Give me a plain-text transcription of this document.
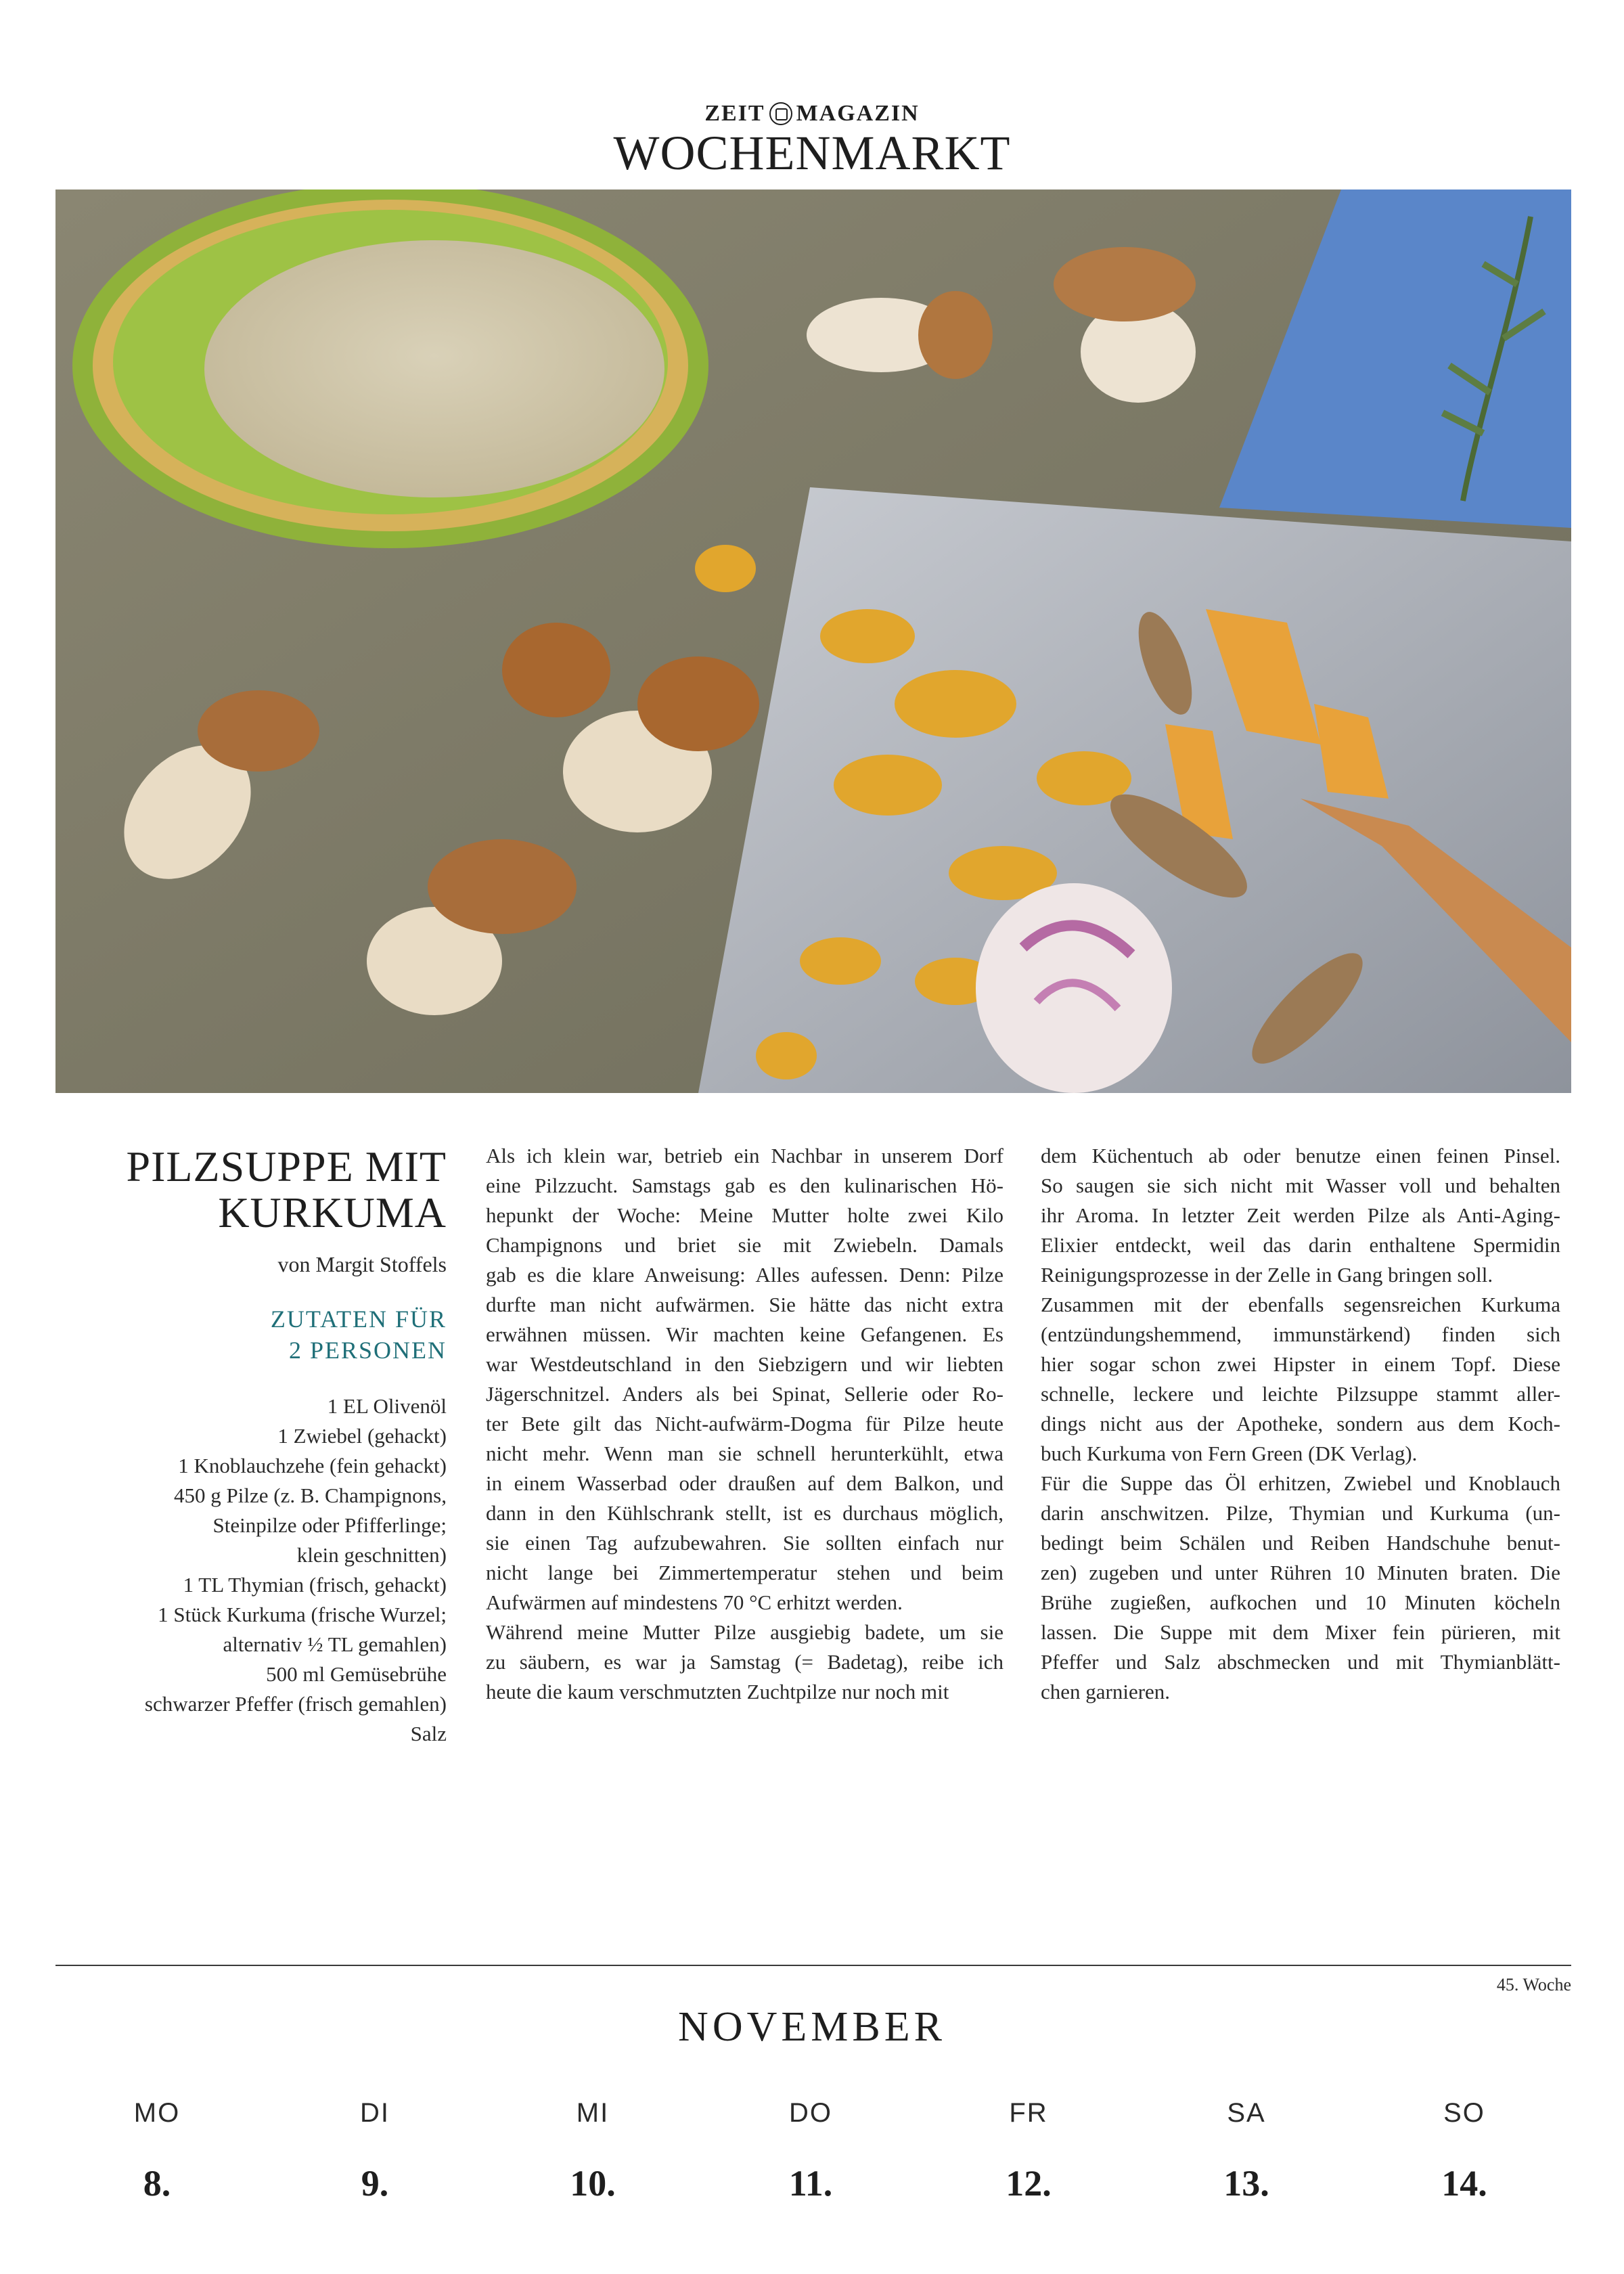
ZEIT MAGAZIN
WOCHENMARKT
PILZSUPPE MIT
KURKUMA
von Margit Stoffels
ZUTATEN FÜR
2 PERSONEN
1 EL Olivenöl
1 Zwiebel (gehackt)
1 Knoblauchzehe (fein gehackt)
450 g Pilze (z. B. Champignons,
Steinpilze oder Pfifferlinge;
klein geschnitten)
1 TL Thymian (frisch, gehackt)
1 Stück Kurkuma (frische Wurzel;
alternativ ½ TL gemahlen)
500 ml Gemüsebrühe
schwarzer Pfeffer (frisch gemahlen)
Salz
Als ich klein war, betrieb ein Nachbar in unserem Dorf
eine Pilzzucht. Samstags gab es den kulinarischen Hö-
hepunkt der Woche: Meine Mutter holte zwei Kilo
Champignons und briet sie mit Zwiebeln. Damals
gab es die klare Anweisung: Alles aufessen. Denn: Pilze
durfte man nicht aufwärmen. Sie hätte das nicht extra
erwähnen müssen. Wir machten keine Gefangenen. Es
war Westdeutschland in den Siebzigern und wir liebten
Jägerschnitzel. Anders als bei Spinat, Sellerie oder Ro-
ter Bete gilt das Nicht-aufwärm-Dogma für Pilze heute
nicht mehr. Wenn man sie schnell herunterkühlt, etwa
in einem Wasserbad oder draußen auf dem Balkon, und
dann in den Kühlschrank stellt, ist es durchaus möglich,
sie einen Tag aufzubewahren. Sie sollten einfach nur
nicht lange bei Zimmertemperatur stehen und beim
Aufwärmen auf mindestens 70 °C erhitzt werden.
Während meine Mutter Pilze ausgiebig badete, um sie
zu säubern, es war ja Samstag (= Badetag), reibe ich
heute die kaum verschmutzten Zuchtpilze nur noch mit
dem Küchentuch ab oder benutze einen feinen Pinsel.
So saugen sie sich nicht mit Wasser voll und behalten
ihr Aroma. In letzter Zeit werden Pilze als Anti-Aging-
Elixier entdeckt, weil das darin enthaltene Spermidin
Reinigungsprozesse in der Zelle in Gang bringen soll.
Zusammen mit der ebenfalls segensreichen Kurkuma
(entzündungshemmend, immunstärkend) finden sich
hier sogar schon zwei Hipster in einem Topf. Diese
schnelle, leckere und leichte Pilzsuppe stammt aller-
dings nicht aus der Apotheke, sondern aus dem Koch-
buch Kurkuma von Fern Green (DK Verlag).
Für die Suppe das Öl erhitzen, Zwiebel und Knoblauch
darin anschwitzen. Pilze, Thymian und Kurkuma (un-
bedingt beim Schälen und Reiben Handschuhe benut-
zen) zugeben und unter Rühren 10 Minuten braten. Die
Brühe zugießen, aufkochen und 10 Minuten köcheln
lassen. Die Suppe mit dem Mixer fein pürieren, mit
Pfeffer und Salz abschmecken und mit Thymianblätt-
chen garnieren.
45. Woche
NOVEMBER
MO
8.
DI
9.
MI
10.
DO
11.
FR
12.
SA
13.
SO
14.
